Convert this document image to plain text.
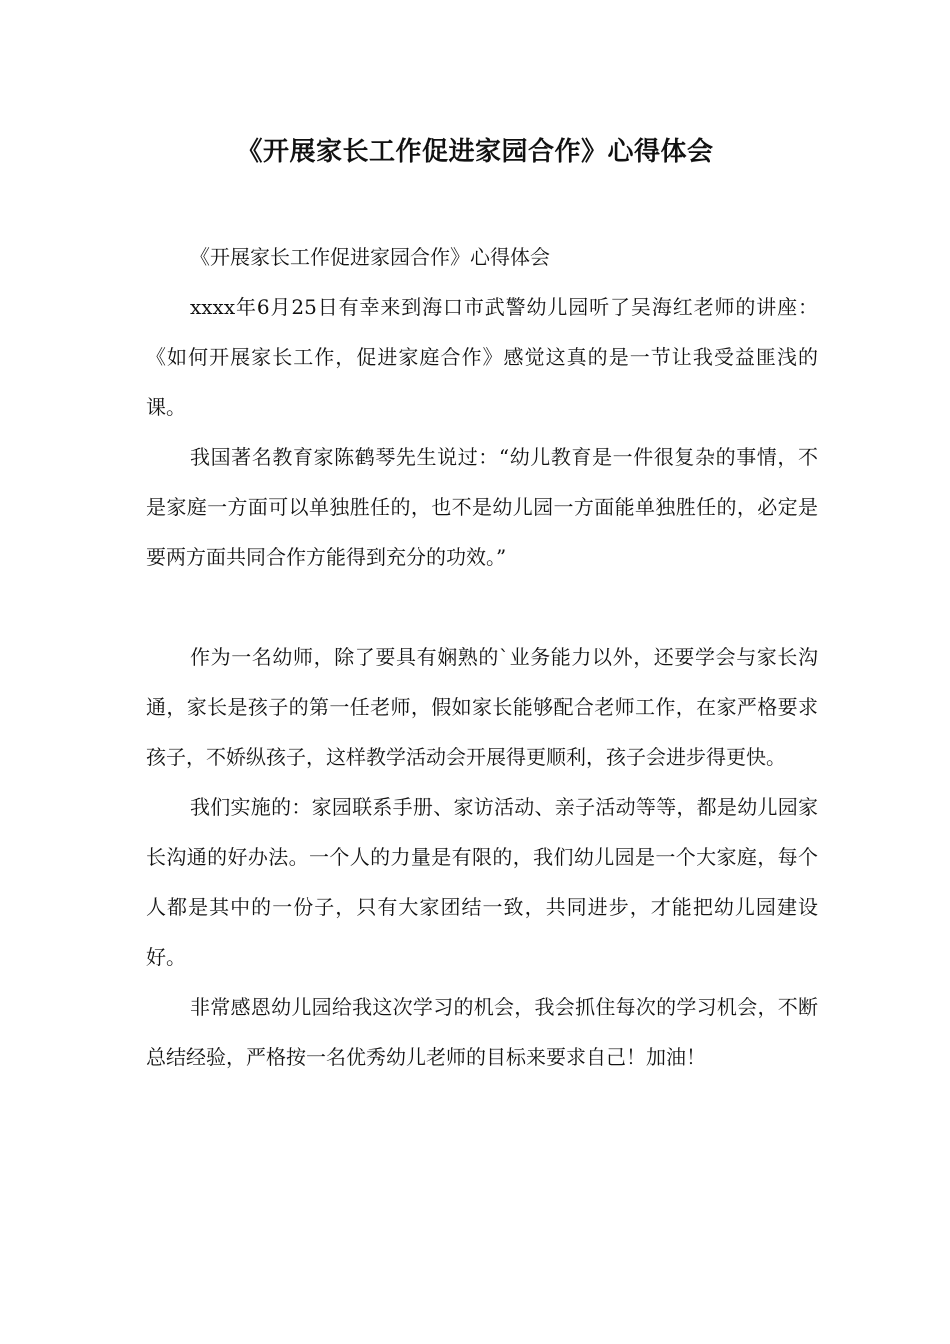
《开展家长工作促进家园合作》心得体会

《开展家长工作促进家园合作》心得体会

xxxx年6月25日有幸来到海口市武警幼儿园听了吴海红老师的讲座：《如何开展家长工作，促进家庭合作》感觉这真的是一节让我受益匪浅的课。

我国著名教育家陈鹤琴先生说过：“幼儿教育是一件很复杂的事情，不是家庭一方面可以单独胜任的，也不是幼儿园一方面能单独胜任的，必定是要两方面共同合作方能得到充分的功效。”

作为一名幼师，除了要具有娴熟的`业务能力以外，还要学会与家长沟通，家长是孩子的第一任老师，假如家长能够配合老师工作，在家严格要求孩子，不娇纵孩子，这样教学活动会开展得更顺利，孩子会进步得更快。

我们实施的：家园联系手册、家访活动、亲子活动等等，都是幼儿园家长沟通的好办法。一个人的力量是有限的，我们幼儿园是一个大家庭，每个人都是其中的一份子，只有大家团结一致，共同进步，才能把幼儿园建设好。

非常感恩幼儿园给我这次学习的机会，我会抓住每次的学习机会，不断总结经验，严格按一名优秀幼儿老师的目标来要求自己！加油！
